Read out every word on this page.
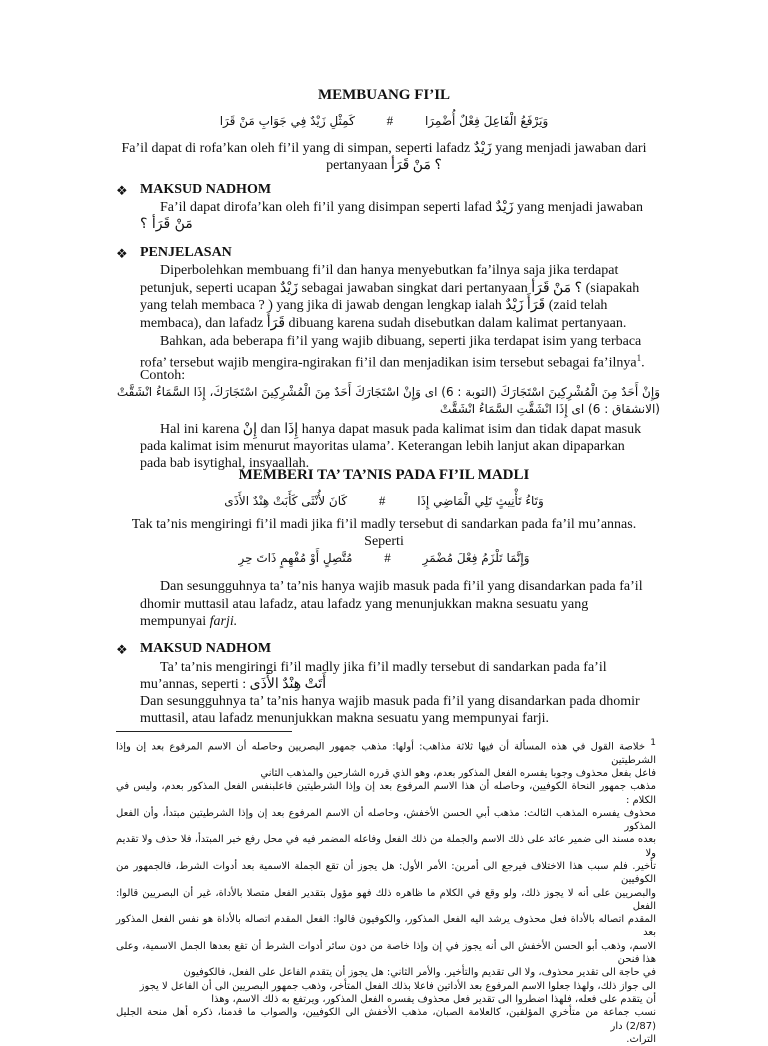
MEMBUANG FI’IL
وَيَرْفَعُ الْفَاعِلَ فِعْلٌ أُضْمِرَا # كَمِثْلِ زَيْدٌ فِي جَوَابِ مَنْ قَرَا
Fa’il dapat di rofa’kan oleh fi’il yang di simpan, seperti lafadz زَيْدٌ yang menjadi jawaban dari
pertanyaan ؟ مَنْ قَرَأ
❖ MAKSUD NADHOM
Fa’il dapat dirofa’kan oleh fi’il yang disimpan seperti lafad زَيْدٌ yang menjadi jawaban
مَنْ قَرَأ ؟
❖ PENJELASAN
Diperbolehkan membuang fi’il dan hanya menyebutkan fa’ilnya saja jika terdapat
petunjuk, seperti ucapan زَيْدٌ sebagai jawaban singkat dari pertanyaan ؟ مَنْ قَرَأ (siapakah
yang telah membaca ? ) yang jika di jawab dengan lengkap ialah قَرَأَ زَيْدٌ (zaid telah
membaca), dan lafadz قَرَأَ dibuang karena sudah disebutkan dalam kalimat pertanyaan.
Bahkan, ada beberapa fi’il yang wajib dibuang, seperti jika terdapat isim yang terbaca
rofa’ tersebut wajib mengira-ngirakan fi’il dan menjadikan isim tersebut sebagai fa’ilnya$^1$.
Contoh:
وَإِنْ أَحَدٌ مِنَ الْمُشْرِكِينَ اسْتَجَارَكَ (التوبة : 6) اى وَإِنْ اسْتَجَارَكَ أَحَدٌ مِنَ الْمُشْرِكِينَ اسْتَجَارَكَ، إِذَا السَّمَاءُ انْشَقَّتْ
(الانشقاق : 6) اى إِذَا انْشَقَّتِ السَّمَاءُ انْشَقَّتْ
Hal ini karena إِنْ dan إِذَا hanya dapat masuk pada kalimat isim dan tidak dapat masuk
pada kalimat isim menurut mayoritas ulama’. Keterangan lebih lanjut akan dipaparkan
pada bab isytighal, insyaallah.
MEMBERI TA’ TA’NIS PADA FI’IL MADLI
وَتَاءُ تَأْنِيثٍ تَلِي الْمَاضِي إِذَا # كَانَ لأُنْثَى كَأَبَتْ هِنْدٌ الأَذَى
Tak ta’nis mengiringi fi’il madi jika fi’il madly tersebut di sandarkan pada fa’il mu’annas.
Seperti
وَإِنَّمَا تَلْزَمُ فِعْلَ مُضْمَرِ # مُتَّصِلٍ أَوْ مُفْهِمٍ ذَاتَ حِرِ
Dan sesungguhnya ta’ ta’nis hanya wajib masuk pada fi’il yang disandarkan pada fa’il
dhomir muttasil atau lafadz, atau lafadz yang menunjukkan makna sesuatu yang
mempunyai farji.
❖ MAKSUD NADHOM
Ta’ ta’nis mengiringi fi’il madly jika fi’il madly tersebut di sandarkan pada fa’il
mu’annas, seperti : أَتَتْ هِنْدٌ الأَذَى
Dan sesungguhnya ta’ ta’nis hanya wajib masuk pada fi’il yang disandarkan pada dhomir
muttasil, atau lafadz menunjukkan makna sesuatu yang mempunyai farji.
$^1$ خلاصة القول في هذه المسألة أن فيها ثلاثة مذاهب: أولها: مذهب جمهور البصريين وحاصله أن الاسم المرفوع بعد إن وإذا الشرطيتين
فاعل بفعل محذوف وجوبا يفسره الفعل المذكور بعدم، وهو الذي قرره الشارحين والمذهب الثاني
مذهب جمهور النحاة الكوفيين، وحاصله أن هذا الاسم المرفوع بعد إن وإذا الشرطيتين فاعلبنفس الفعل المذكور بعدم، وليس في الكلام :
محذوف يفسره المذهب الثالث: مذهب أبي الحسن الأخفش، وحاصله أن الاسم المرفوع بعد إن وإذا الشرطيتين مبتدأ، وأن الفعل المذكور
بعده مسند الى ضمير عائد على ذلك الاسم والجملة من ذلك الفعل وفاعله المضمر فيه في محل رفع خبر المبتدأ، فلا حذف ولا تقديم ولا
تأخير. فلم سبب هذا الاختلاف فيرجع الى أمرين: الأمر الأول: هل يجوز أن تقع الجملة الاسمية بعد أدوات الشرط، فالجمهور من الكوفيين
والبصريين على أنه لا يجوز ذلك، ولو وقع في الكلام ما ظاهره ذلك فهو مؤول بتقدير الفعل متصلا بالأداة، غير أن البصريين قالوا: الفعل
المقدم اتصاله بالأداة فعل محذوف يرشد اليه الفعل المذكور، والكوفيون قالوا: الفعل المقدم اتصاله بالأداة هو نفس الفعل المذكور بعد
الاسم، وذهب أبو الحسن الأخفش الى أنه يجوز في إن وإذا خاصة من دون سائر أدوات الشرط أن تقع بعدها الجمل الاسمية، وعلى هذا فنحن
في حاجة الى تقدير محذوف، ولا الى تقديم والتأخير. والأمر الثاني: هل يجوز أن يتقدم الفاعل على الفعل، فالكوفيون
الى جواز ذلك، ولهذا جعلوا الاسم المرفوع بعد الأداتين فاعلا بذلك الفعل المتأخر، وذهب جمهور البصريين الى أن الفاعل لا يجوز
أن يتقدم على فعله، فلهذا اضطروا الى تقدير فعل محذوف يفسره الفعل المذكور، ويرتفع به ذلك الاسم، وهذا
نسب جماعة من متأخري المؤلفين، كالعلامة الصبان، مذهب الأخفش الى الكوفيين، والصواب ما قدمنا، ذكره أهل منحة الجليل (2/87) دار
التراث.
